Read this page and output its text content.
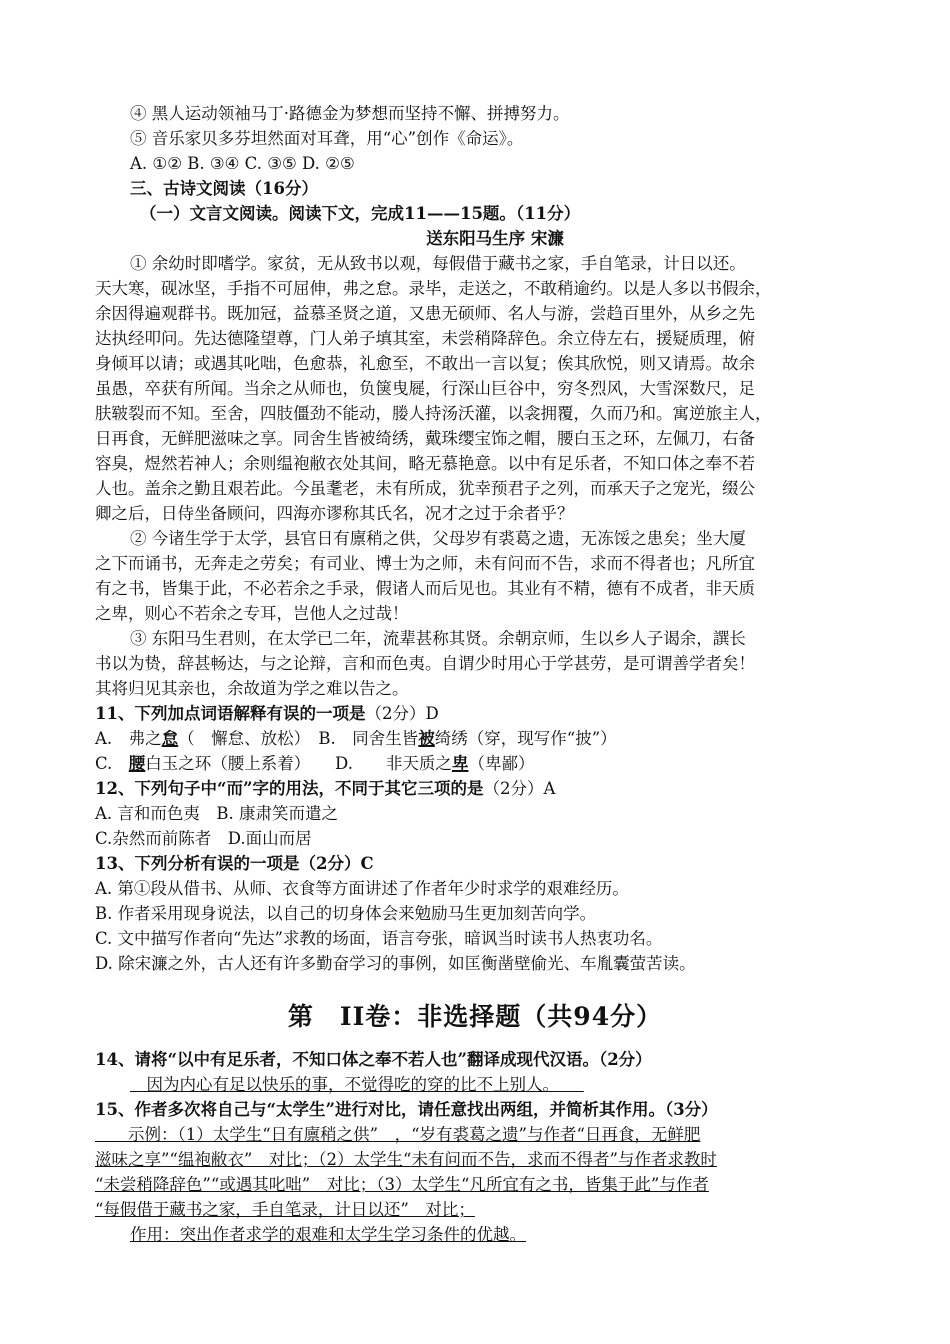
④ 黑人运动领袖马丁·路德金为梦想而坚持不懈、拼搏努力。
⑤ 音乐家贝多芬坦然面对耳聋，用“心”创作《命运》。
A. ①② B. ③④ C. ③⑤ D. ②⑤
三、古诗文阅读（16分）
（一）文言文阅读。阅读下文，完成11——15题。（11分）
送东阳马生序 宋濂
① 余幼时即嗜学。家贫，无从致书以观，每假借于藏书之家，手自笔录，计日以还。
天大寒，砚冰坚，手指不可屈伸，弗之怠。录毕，走送之，不敢稍逾约。以是人多以书假余，
余因得遍观群书。既加冠，益慕圣贤之道，又患无硕师、名人与游，尝趋百里外，从乡之先
达执经叩问。先达德隆望尊，门人弟子填其室，未尝稍降辞色。余立侍左右，援疑质理，俯
身倾耳以请；或遇其叱咄，色愈恭，礼愈至，不敢出一言以复；俟其欣悦，则又请焉。故余
虽愚，卒获有所闻。当余之从师也，负箧曳屣，行深山巨谷中，穷冬烈风，大雪深数尺，足
肤皲裂而不知。至舍，四肢僵劲不能动，媵人持汤沃灌，以衾拥覆，久而乃和。寓逆旅主人，
日再食，无鲜肥滋味之享。同舍生皆被绮绣，戴珠缨宝饰之帽，腰白玉之环，左佩刀，右备
容臭，煜然若神人；余则缊袍敝衣处其间，略无慕艳意。以中有足乐者，不知口体之奉不若
人也。盖余之勤且艰若此。今虽耄老，未有所成，犹幸预君子之列，而承天子之宠光，缀公
卿之后，日侍坐备顾问，四海亦谬称其氏名，况才之过于余者乎？
② 今诸生学于太学，县官日有廪稍之供，父母岁有裘葛之遗，无冻馁之患矣；坐大厦
之下而诵书，无奔走之劳矣；有司业、博士为之师，未有问而不告，求而不得者也；凡所宜
有之书，皆集于此，不必若余之手录，假诸人而后见也。其业有不精，德有不成者，非天质
之卑，则心不若余之专耳，岂他人之过哉！
③ 东阳马生君则，在太学已二年，流辈甚称其贤。余朝京师，生以乡人子谒余，譔长
书以为贽，辞甚畅达，与之论辩，言和而色夷。自谓少时用心于学甚劳，是可谓善学者矣！
其将归见其亲也，余故道为学之难以告之。
11、下列加点词语解释有误的一项是（2分）D
A.　弗之怠（　懈怠、放松）　B.　同舍生皆被绮绣（穿，现写作“披”）
C.　腰白玉之环（腰上系着）　　D.　　非天质之卑（卑鄙）
12、下列句子中“而”字的用法，不同于其它三项的是（2分）A
A. 言和而色夷　B. 康肃笑而遣之
C.杂然而前陈者　D.面山而居
13、下列分析有误的一项是（2分）C
A. 第①段从借书、从师、衣食等方面讲述了作者年少时求学的艰难经历。
B. 作者采用现身说法，以自己的切身体会来勉励马生更加刻苦向学。
C. 文中描写作者向“先达”求教的场面，语言夸张，暗讽当时读书人热衷功名。
D. 除宋濂之外，古人还有许多勤奋学习的事例，如匡衡凿壁偷光、车胤囊萤苦读。
第　II卷：非选择题（共94分）
14、请将“以中有足乐者，不知口体之奉不若人也”翻译成现代汉语。（2分）
　因为内心有足以快乐的事，不觉得吃的穿的比不上别人。　　
15、作者多次将自己与“太学生”进行对比，请任意找出两组，并简析其作用。（3分）
　　示例：（1）太学生“日有廪稍之供”　，“岁有裘葛之遗”与作者“日再食，无鲜肥
滋味之享”“缊袍敝衣”　对比；（2）太学生“未有问而不告，求而不得者”与作者求教时
“未尝稍降辞色”“或遇其叱咄”　对比；（3）太学生“凡所宜有之书，皆集于此”与作者
“每假借于藏书之家，手自笔录，计日以还”　对比；
作用：突出作者求学的艰难和太学生学习条件的优越。
